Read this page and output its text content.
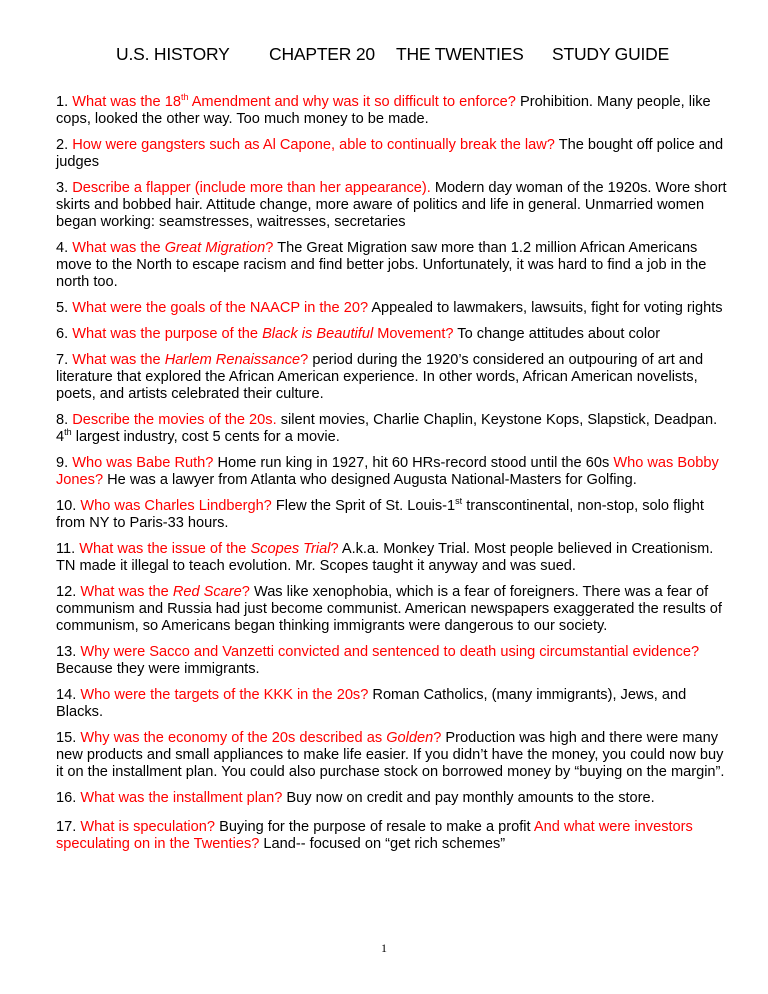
U.S. HISTORY CHAPTER 20 THE TWENTIES STUDY GUIDE

1. What was the 18th Amendment and why was it so difficult to enforce? Prohibition. Many people, like cops, looked the other way. Too much money to be made.

2. How were gangsters such as Al Capone, able to continually break the law? The bought off police and judges

3. Describe a flapper (include more than her appearance). Modern day woman of the 1920s. Wore short skirts and bobbed hair. Attitude change, more aware of politics and life in general. Unmarried women began working: seamstresses, waitresses, secretaries

4. What was the Great Migration? The Great Migration saw more than 1.2 million African Americans move to the North to escape racism and find better jobs. Unfortunately, it was hard to find a job in the north too.

5. What were the goals of the NAACP in the 20? Appealed to lawmakers, lawsuits, fight for voting rights

6. What was the purpose of the Black is Beautiful Movement? To change attitudes about color

7. What was the Harlem Renaissance? period during the 1920’s considered an outpouring of art and literature that explored the African American experience. In other words, African American novelists, poets, and artists celebrated their culture.

8. Describe the movies of the 20s. silent movies, Charlie Chaplin, Keystone Kops, Slapstick, Deadpan. 4th largest industry, cost 5 cents for a movie.

9. Who was Babe Ruth? Home run king in 1927, hit 60 HRs-record stood until the 60s Who was Bobby Jones? He was a lawyer from Atlanta who designed Augusta National-Masters for Golfing.

10. Who was Charles Lindbergh? Flew the Sprit of St. Louis-1st transcontinental, non-stop, solo flight from NY to Paris-33 hours.

11. What was the issue of the Scopes Trial? A.k.a. Monkey Trial. Most people believed in Creationism. TN made it illegal to teach evolution. Mr. Scopes taught it anyway and was sued.

12. What was the Red Scare? Was like xenophobia, which is a fear of foreigners. There was a fear of communism and Russia had just become communist. American newspapers exaggerated the results of communism, so Americans began thinking immigrants were dangerous to our society.

13. Why were Sacco and Vanzetti convicted and sentenced to death using circumstantial evidence? Because they were immigrants.

14. Who were the targets of the KKK in the 20s? Roman Catholics, (many immigrants), Jews, and Blacks.

15. Why was the economy of the 20s described as Golden? Production was high and there were many new products and small appliances to make life easier. If you didn’t have the money, you could now buy it on the installment plan. You could also purchase stock on borrowed money by “buying on the margin”.

16. What was the installment plan? Buy now on credit and pay monthly amounts to the store.

17. What is speculation? Buying for the purpose of resale to make a profit And what were investors speculating on in the Twenties? Land-- focused on “get rich schemes”

1
